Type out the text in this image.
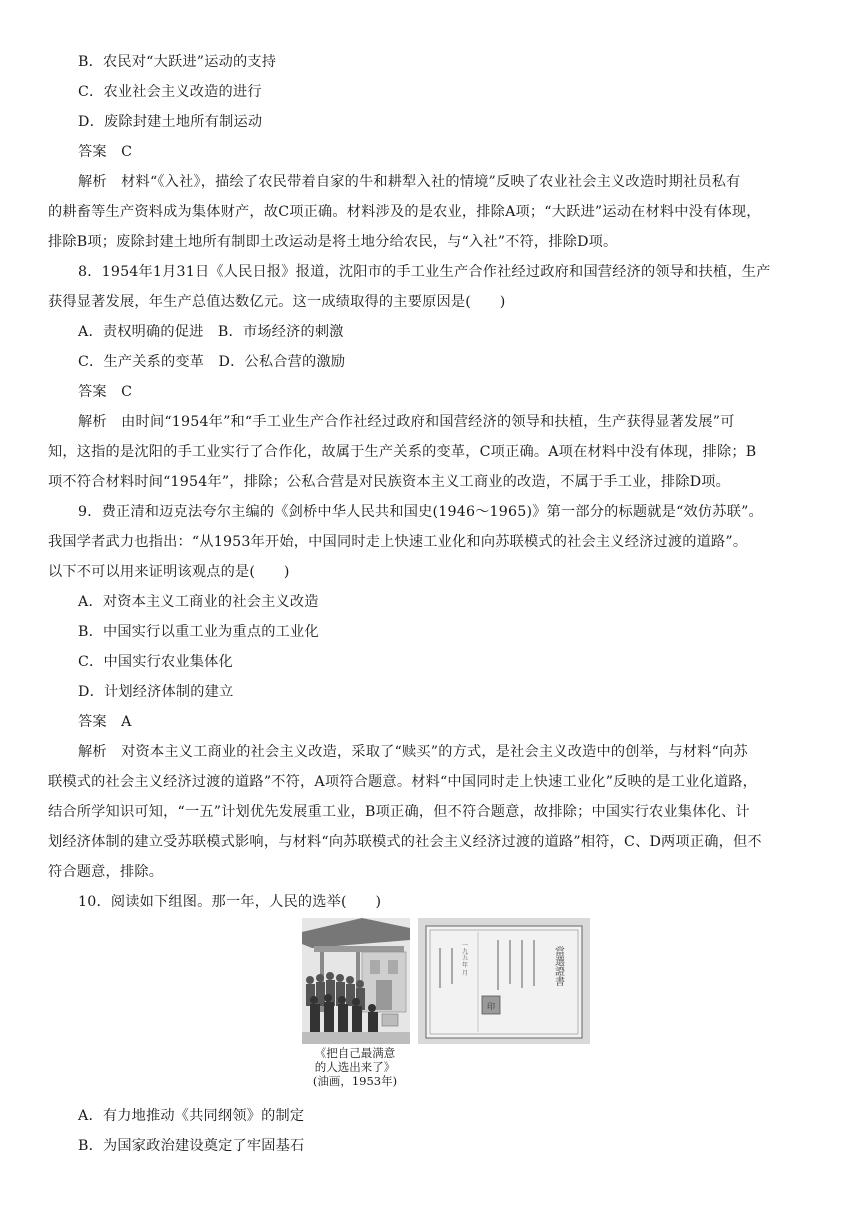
B．农民对“大跃进”运动的支持
C．农业社会主义改造的进行
D．废除封建土地所有制运动
答案　C
解析　材料“《入社》，描绘了农民带着自家的牛和耕犁入社的情境”反映了农业社会主义改造时期社员私有
的耕畜等生产资料成为集体财产，故C项正确。材料涉及的是农业，排除A项；“大跃进”运动在材料中没有体现，
排除B项；废除封建土地所有制即土改运动是将土地分给农民，与“入社”不符，排除D项。
8．1954年1月31日《人民日报》报道，沈阳市的手工业生产合作社经过政府和国营经济的领导和扶植，生产
获得显著发展，年生产总值达数亿元。这一成绩取得的主要原因是(　　)
A．责权明确的促进　B．市场经济的刺激
C．生产关系的变革　D．公私合营的激励
答案　C
解析　由时间“1954年”和“手工业生产合作社经过政府和国营经济的领导和扶植，生产获得显著发展”可
知，这指的是沈阳的手工业实行了合作化，故属于生产关系的变革，C项正确。A项在材料中没有体现，排除；B
项不符合材料时间“1954年”，排除；公私合营是对民族资本主义工商业的改造，不属于手工业，排除D项。
9．费正清和迈克法夸尔主编的《剑桥中华人民共和国史(1946～1965)》第一部分的标题就是“效仿苏联”。
我国学者武力也指出：“从1953年开始，中国同时走上快速工业化和向苏联模式的社会主义经济过渡的道路”。
以下不可以用来证明该观点的是(　　)
A．对资本主义工商业的社会主义改造
B．中国实行以重工业为重点的工业化
C．中国实行农业集体化
D．计划经济体制的建立
答案　A
解析　对资本主义工商业的社会主义改造，采取了“赎买”的方式，是社会主义改造中的创举，与材料“向苏
联模式的社会主义经济过渡的道路”不符，A项符合题意。材料“中国同时走上快速工业化”反映的是工业化道路，
结合所学知识可知，“一五”计划优先发展重工业，B项正确，但不符合题意，故排除；中国实行农业集体化、计
划经济体制的建立受苏联模式影响，与材料“向苏联模式的社会主义经济过渡的道路”相符，C、D两项正确，但不
符合题意，排除。
10．阅读如下组图。那一年，人民的选举(　　)
當選證書
一九五 年 月
印
《把自己最满意
的人选出来了》
(油画，1953年)
A．有力地推动《共同纲领》的制定
B．为国家政治建设奠定了牢固基石
